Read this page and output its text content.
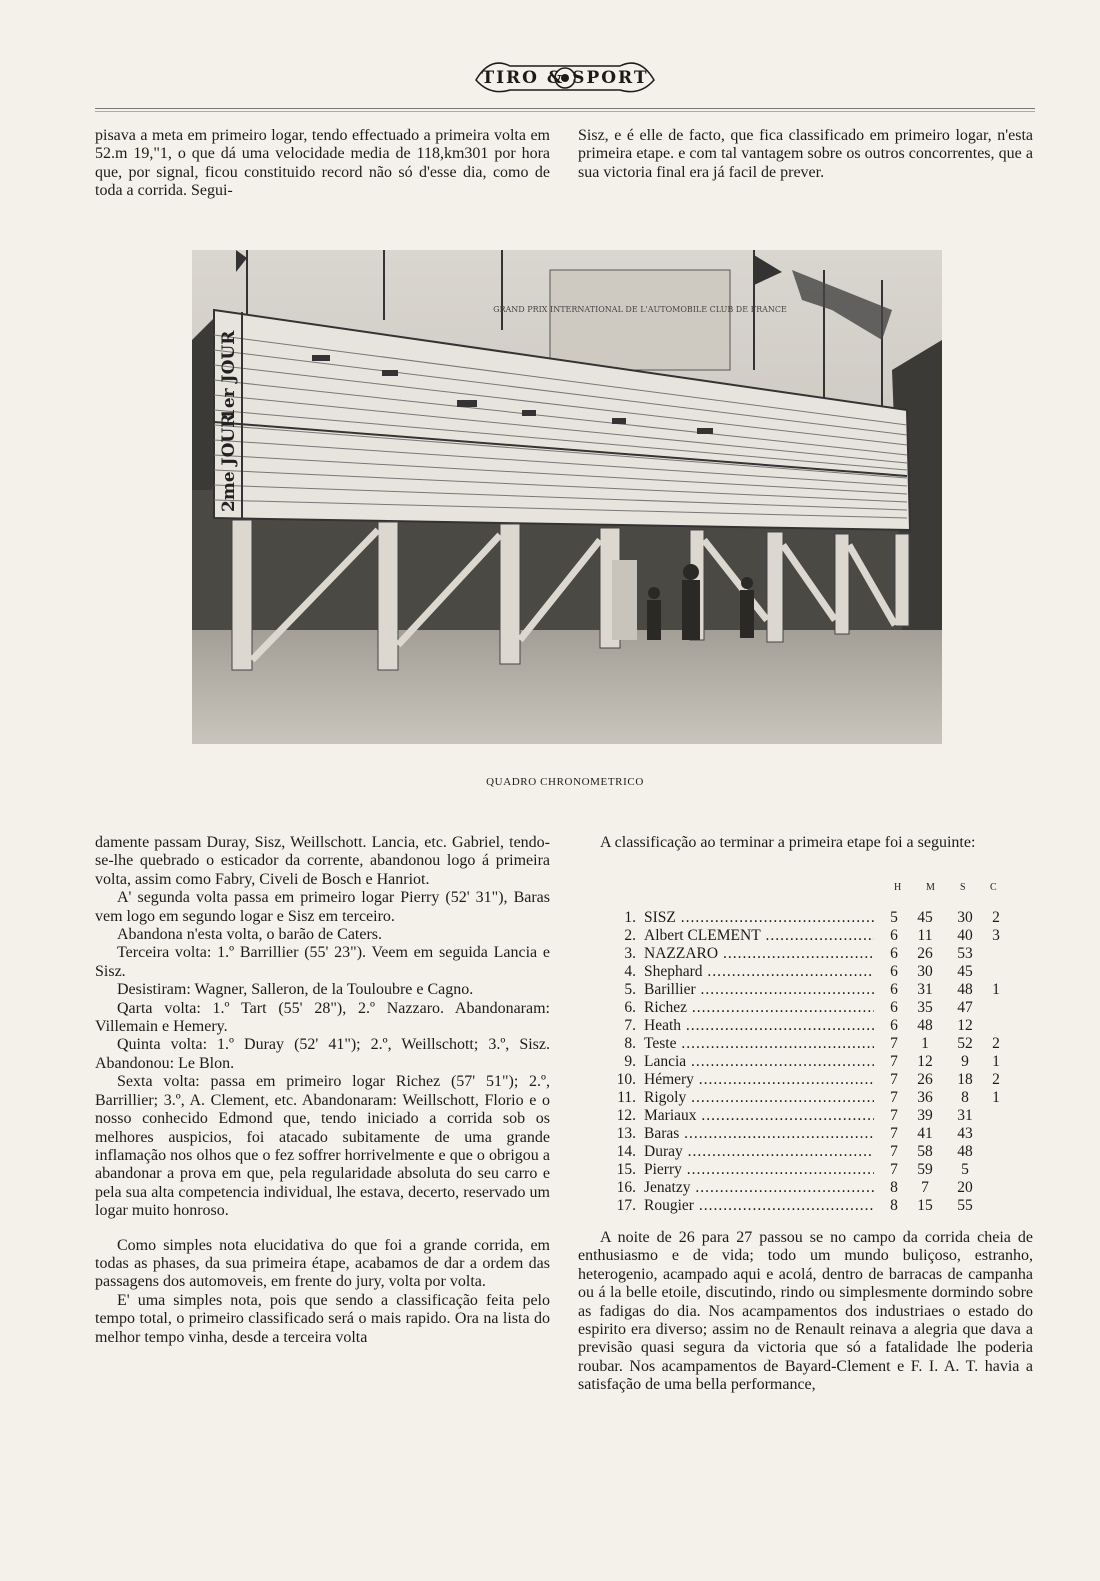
TIRO & SPORT

pisava a meta em primeiro logar, tendo effectuado a primeira volta em 52.m 19,"1, o que dá uma velocidade media de 118,km301 por hora que, por signal, ficou constituido record não só d'esse dia, como de toda a corrida. Segui-

Sisz, e é elle de facto, que fica classificado em primeiro logar, n'esta primeira etape. e com tal vantagem sobre os outros concorrentes, que a sua victoria final era já facil de prever.

GRAND PRIX INTERNATIONAL DE L'AUTOMOBILE CLUB DE FRANCE
1er JOUR
2me JOUR
QUADRO CHRONOMETRICO

damente passam Duray, Sisz, Weillschott. Lancia, etc. Gabriel, tendo-se-lhe quebrado o esticador da corrente, abandonou logo á primeira volta, assim como Fabry, Civeli de Bosch e Hanriot.

A' segunda volta passa em primeiro logar Pierry (52' 31"), Baras vem logo em segundo logar e Sisz em terceiro.

Abandona n'esta volta, o barão de Caters.

Terceira volta: 1.º Barrillier (55' 23"). Veem em seguida Lancia e Sisz.

Desistiram: Wagner, Salleron, de la Touloubre e Cagno.

Qarta volta: 1.º Tart (55' 28"), 2.º Nazzaro. Abandonaram: Villemain e Hemery.

Quinta volta: 1.º Duray (52' 41"); 2.º, Weillschott; 3.º, Sisz. Abandonou: Le Blon.

Sexta volta: passa em primeiro logar Richez (57' 51"); 2.º, Barrillier; 3.º, A. Clement, etc. Abandonaram: Weillschott, Florio e o nosso conhecido Edmond que, tendo iniciado a corrida sob os melhores auspicios, foi atacado subitamente de uma grande inflamação nos olhos que o fez soffrer horrivelmente e que o obrigou a abandonar a prova em que, pela regularidade absoluta do seu carro e pela sua alta competencia individual, lhe estava, decerto, reservado um logar muito honroso.

Como simples nota elucidativa do que foi a grande corrida, em todas as phases, da sua primeira étape, acabamos de dar a ordem das passagens dos automoveis, em frente do jury, volta por volta.

E' uma simples nota, pois que sendo a classificação feita pelo tempo total, o primeiro classificado será o mais rapido. Ora na lista do melhor tempo vinha, desde a terceira volta

A classificação ao terminar a primeira etape foi a seguinte:

H M	S C
1. SISZ .....	5	45	30	2
2. Albert CLEMENT .....	6	11	40	3
3. NAZZARO .....	6	26	53
4. Shephard .....	6	30	45
5. Barillier .....	6	31	48	1
6. Richez .....	6	35	47
7. Heath .....	6	48	12
8. Teste .....	7	1	52	2
9. Lancia .....	7	12	9	1
10. Hémery .....	7	26	18	2
11. Rigoly .....	7	36	8	1
12. Mariaux .....	7	39	31
13. Baras .....	7	41	43
14. Duray .....	7	58	48
15. Pierry .....	7	59	5
16. Jenatzy .....	8	7	20
17. Rougier .....	8	15	55

A noite de 26 para 27 passou se no campo da corrida cheia de enthusiasmo e de vida; todo um mundo buliçoso, estranho, heterogenio, acampado aqui e acolá, dentro de barracas de campanha ou á la belle etoile, discutindo, rindo ou simplesmente dormindo sobre as fadigas do dia. Nos acampamentos dos industriaes o estado do espirito era diverso; assim no de Renault reinava a alegria que dava a previsão quasi segura da victoria que só a fatalidade lhe poderia roubar. Nos acampamentos de Bayard-Clement e F. I. A. T. havia a satisfação de uma bella performance,
